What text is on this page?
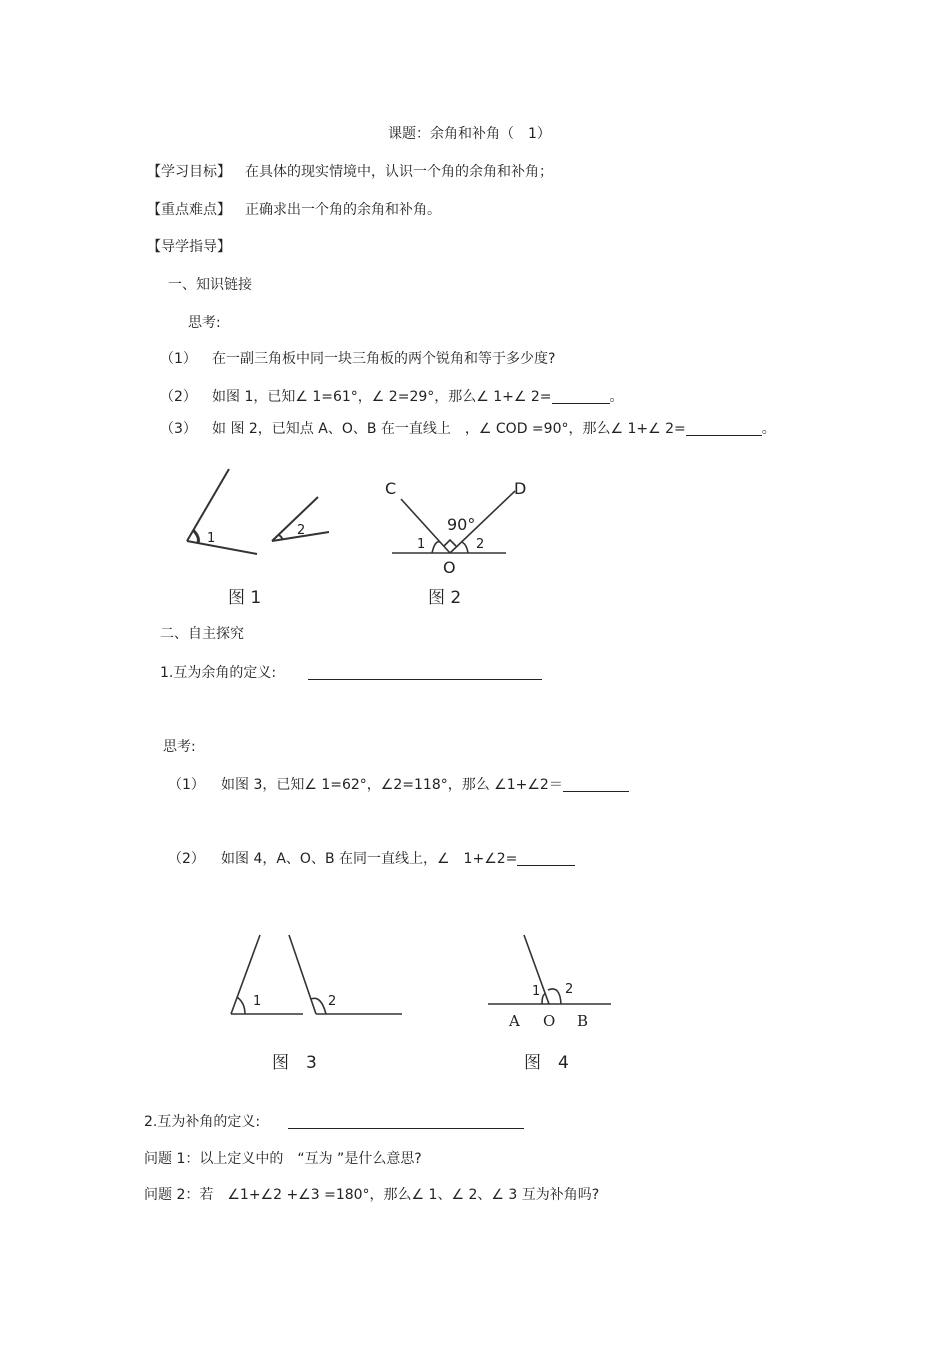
课题：余角和补角（　1）
【学习目标】 在具体的现实情境中，认识一个角的余角和补角；
【重点难点】 正确求出一个角的余角和补角。
【导学指导】
一、知识链接
思考:
（1） 在一副三角板中同一块三角板的两个锐角和等于多少度?
（2） 如图 1，已知∠ 1=61°，∠ 2=29°，那么∠ 1+∠ 2=	。
（3） 如 图 2，已知点 A、O、B 在一直线上　，∠ COD =90°，那么∠ 1+∠ 2=	。
1
2
图 1
C	D
90°
1	2
O
图 2
二、自主探究
1.互为余角的定义:
思考:
（1） 如图 3，已知∠ 1=62°，∠2=118°，那么 ∠1+∠2＝
（2） 如图 4，A、O、B 在同一直线上，∠　1+∠2=
1	2
图　3
1 2
A O B
图　4
2.互为补角的定义:
问题 1：以上定义中的　“互为 ”是什么意思?
问题 2：若　∠1+∠2 +∠3 =180°，那么∠ 1、∠ 2、∠ 3 互为补角吗?
